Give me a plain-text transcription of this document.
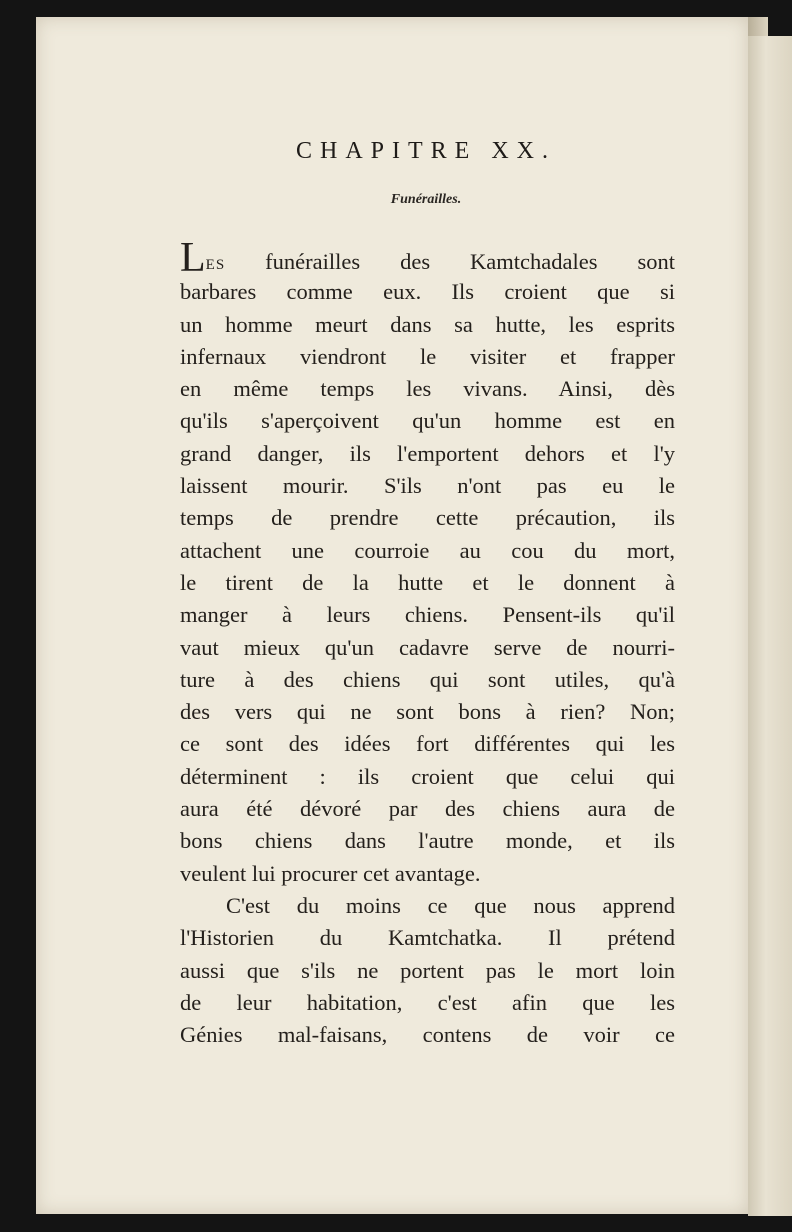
CHAPITRE XX.
Funérailles.
LES funérailles des Kamtchadales sont
barbares comme eux. Ils croient que si
un homme meurt dans sa hutte, les esprits
infernaux viendront le visiter et frapper
en même temps les vivans. Ainsi, dès
qu'ils s'aperçoivent qu'un homme est en
grand danger, ils l'emportent dehors et l'y
laissent mourir. S'ils n'ont pas eu le
temps de prendre cette précaution, ils
attachent une courroie au cou du mort,
le tirent de la hutte et le donnent à
manger à leurs chiens. Pensent-ils qu'il
vaut mieux qu'un cadavre serve de nourri-
ture à des chiens qui sont utiles, qu'à
des vers qui ne sont bons à rien? Non;
ce sont des idées fort différentes qui les
déterminent : ils croient que celui qui
aura été dévoré par des chiens aura de
bons chiens dans l'autre monde, et ils
veulent lui procurer cet avantage.
C'est du moins ce que nous apprend
l'Historien du Kamtchatka. Il prétend
aussi que s'ils ne portent pas le mort loin
de leur habitation, c'est afin que les
Génies mal-faisans, contens de voir ce
